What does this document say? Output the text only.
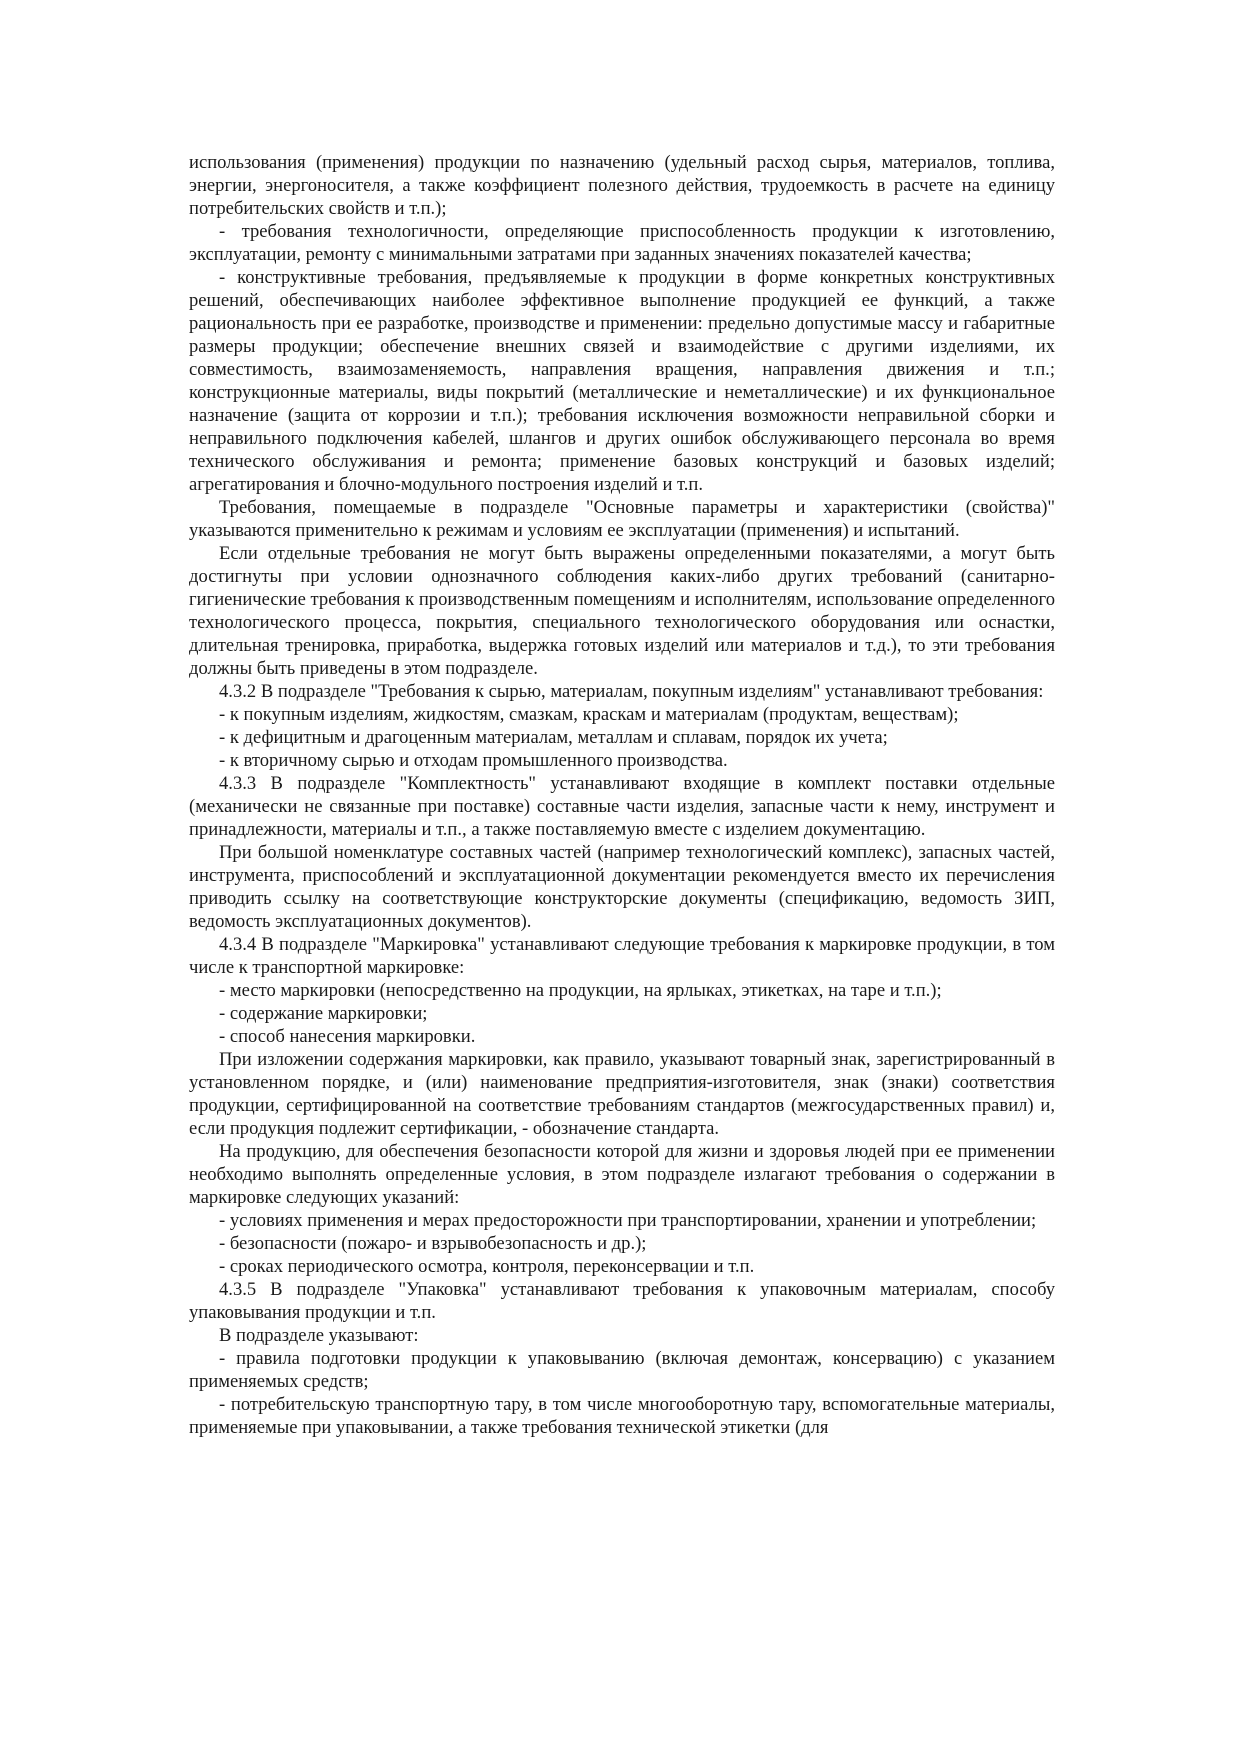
использования (применения) продукции по назначению (удельный расход сырья, материалов, топлива, энергии, энергоносителя, а также коэффициент полезного действия, трудоемкость в расчете на единицу потребительских свойств и т.п.);

- требования технологичности, определяющие приспособленность продукции к изготовлению, эксплуатации, ремонту с минимальными затратами при заданных значениях показателей качества;

- конструктивные требования, предъявляемые к продукции в форме конкретных конструктивных решений, обеспечивающих наиболее эффективное выполнение продукцией ее функций, а также рациональность при ее разработке, производстве и применении: предельно допустимые массу и габаритные размеры продукции; обеспечение внешних связей и взаимодействие с другими изделиями, их совместимость, взаимозаменяемость, направления вращения, направления движения и т.п.; конструкционные материалы, виды покрытий (металлические и неметаллические) и их функциональное назначение (защита от коррозии и т.п.); требования исключения возможности неправильной сборки и неправильного подключения кабелей, шлангов и других ошибок обслуживающего персонала во время технического обслуживания и ремонта; применение базовых конструкций и базовых изделий; агрегатирования и блочно-модульного построения изделий и т.п.

Требования, помещаемые в подразделе "Основные параметры и характеристики (свойства)" указываются применительно к режимам и условиям ее эксплуатации (применения) и испытаний.

Если отдельные требования не могут быть выражены определенными показателями, а могут быть достигнуты при условии однозначного соблюдения каких-либо других требований (санитарно-гигиенические требования к производственным помещениям и исполнителям, использование определенного технологического процесса, покрытия, специального технологического оборудования или оснастки, длительная тренировка, приработка, выдержка готовых изделий или материалов и т.д.), то эти требования должны быть приведены в этом подразделе.

4.3.2 В подразделе "Требования к сырью, материалам, покупным изделиям" устанавливают требования:

- к покупным изделиям, жидкостям, смазкам, краскам и материалам (продуктам, веществам);

- к дефицитным и драгоценным материалам, металлам и сплавам, порядок их учета;

- к вторичному сырью и отходам промышленного производства.

4.3.3 В подразделе "Комплектность" устанавливают входящие в комплект поставки отдельные (механически не связанные при поставке) составные части изделия, запасные части к нему, инструмент и принадлежности, материалы и т.п., а также поставляемую вместе с изделием документацию.

При большой номенклатуре составных частей (например технологический комплекс), запасных частей, инструмента, приспособлений и эксплуатационной документации рекомендуется вместо их перечисления приводить ссылку на соответствующие конструкторские документы (спецификацию, ведомость ЗИП, ведомость эксплуатационных документов).

4.3.4 В подразделе "Маркировка" устанавливают следующие требования к маркировке продукции, в том числе к транспортной маркировке:

- место маркировки (непосредственно на продукции, на ярлыках, этикетках, на таре и т.п.);

- содержание маркировки;

- способ нанесения маркировки.

При изложении содержания маркировки, как правило, указывают товарный знак, зарегистрированный в установленном порядке, и (или) наименование предприятия-изготовителя, знак (знаки) соответствия продукции, сертифицированной на соответствие требованиям стандартов (межгосударственных правил) и, если продукция подлежит сертификации, - обозначение стандарта.

На продукцию, для обеспечения безопасности которой для жизни и здоровья людей при ее применении необходимо выполнять определенные условия, в этом подразделе излагают требования о содержании в маркировке следующих указаний:

- условиях применения и мерах предосторожности при транспортировании, хранении и употреблении;

- безопасности (пожаро- и взрывобезопасность и др.);

- сроках периодического осмотра, контроля, переконсервации и т.п.

4.3.5 В подразделе "Упаковка" устанавливают требования к упаковочным материалам, способу упаковывания продукции и т.п.

В подразделе указывают:

- правила подготовки продукции к упаковыванию (включая демонтаж, консервацию) с указанием применяемых средств;

- потребительскую транспортную тару, в том числе многооборотную тару, вспомогательные материалы, применяемые при упаковывании, а также требования технической этикетки (для
